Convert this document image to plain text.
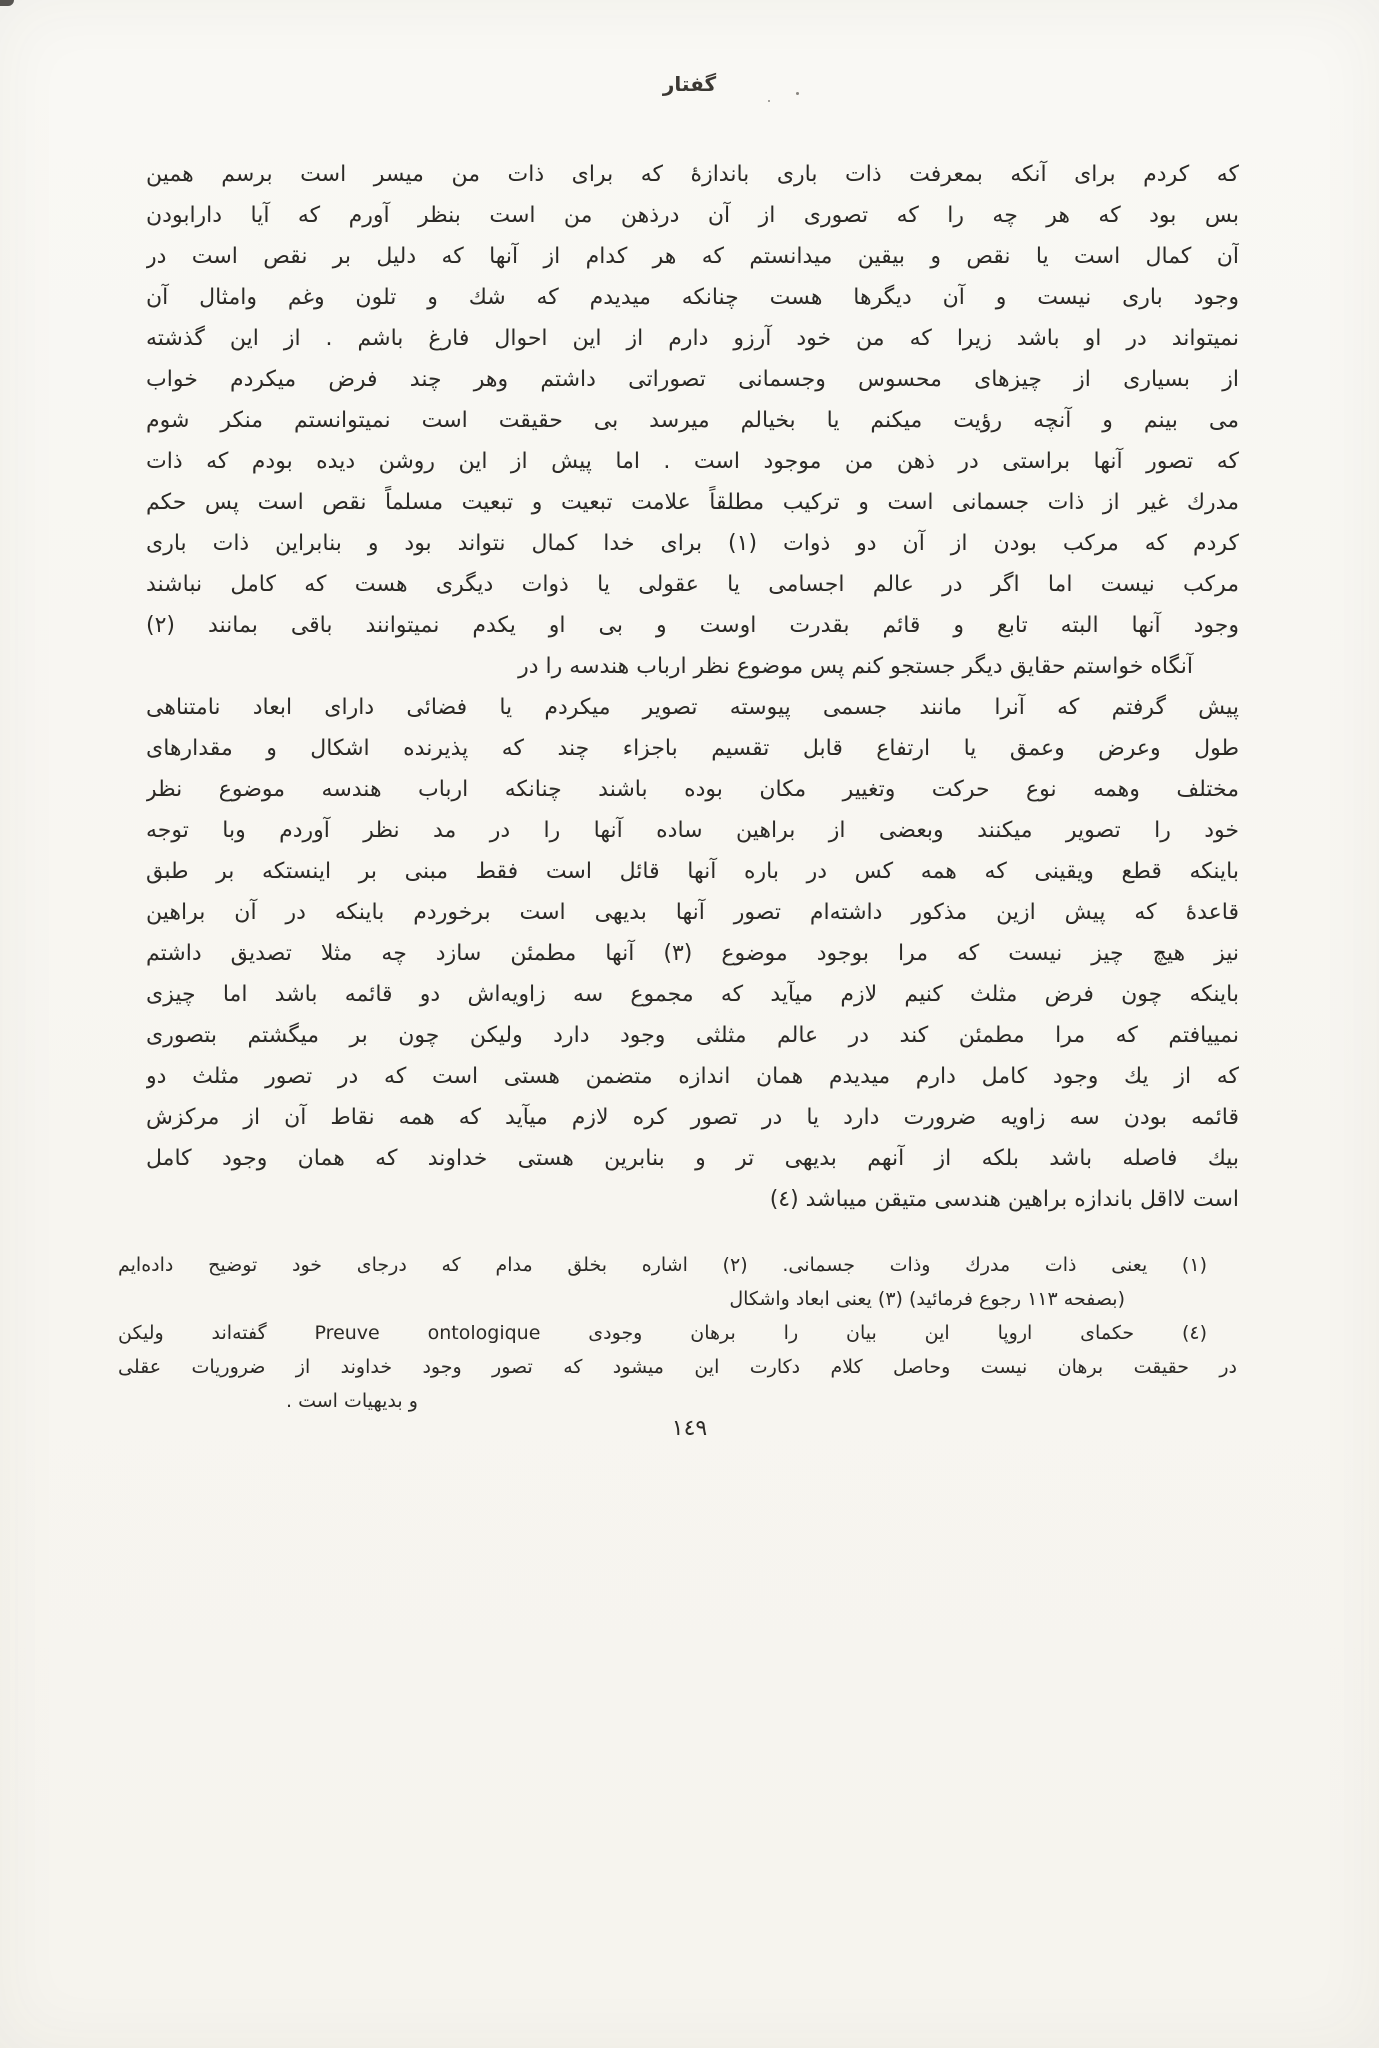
گفتار
که کردم برای آنکه بمعرفت ذات باری باندازهٔ که برای ذات من میسر است برسم همین
بس بود که هر چه را که تصوری از آن درذهن من است بنظر آورم که آیا دارابودن
آن کمال است یا نقص و بیقین میدانستم که هر کدام از آنها که دلیل بر نقص است در
وجود باری نیست و آن دیگرها هست چنانکه میدیدم که شك و تلون وغم وامثال آن
نمیتواند در او باشد زیرا که من خود آرزو دارم از این احوال فارغ باشم . از این گذشته
از بسیاری از چیزهای محسوس وجسمانی تصوراتی داشتم وهر چند فرض میکردم خواب
می بینم و آنچه رؤیت میکنم یا بخیالم میرسد بی حقیقت است نمیتوانستم منکر شوم
که تصور آنها براستی در ذهن من موجود است . اما پیش از این روشن دیده بودم که ذات
مدرك غیر از ذات جسمانی است و ترکیب مطلقاً علامت تبعیت و تبعیت مسلماً نقص است پس حکم
کردم که مرکب بودن از آن دو ذوات (۱) برای خدا کمال نتواند بود و بنابراین ذات باری
مرکب نیست اما اگر در عالم اجسامی یا عقولی یا ذوات دیگری هست که کامل نباشند
وجود آنها البته تابع و قائم بقدرت اوست و بی او یکدم نمیتوانند باقی بمانند (۲)
آنگاه خواستم حقایق دیگر جستجو کنم پس موضوع نظر ارباب هندسه را در
پیش گرفتم که آنرا مانند جسمی پیوسته تصویر میکردم یا فضائی دارای ابعاد نامتناهی
طول وعرض وعمق یا ارتفاع قابل تقسیم باجزاء چند که پذیرنده اشکال و مقدارهای
مختلف وهمه نوع حرکت وتغییر مکان بوده باشند چنانکه ارباب هندسه موضوع نظر
خود را تصویر میکنند وبعضی از براهین ساده آنها را در مد نظر آوردم وبا توجه
باینکه قطع ویقینی که همه کس در باره آنها قائل است فقط مبنی بر اینستکه بر طبق
قاعدهٔ که پیش ازین مذکور داشته‌ام تصور آنها بدیهی است برخوردم باینکه در آن براهین
نیز هیچ چیز نیست که مرا بوجود موضوع (۳) آنها مطمئن سازد چه مثلا تصدیق داشتم
باینکه چون فرض مثلث کنیم لازم میآید که مجموع سه زاویه‌اش دو قائمه باشد اما چیزی
نمییافتم که مرا مطمئن کند در عالم مثلثی وجود دارد ولیکن چون بر میگشتم بتصوری
که از یك وجود کامل دارم میدیدم همان اندازه متضمن هستی است که در تصور مثلث دو
قائمه بودن سه زاویه ضرورت دارد یا در تصور کره لازم میآید که همه نقاط آن از مرکزش
بیك فاصله باشد بلکه از آنهم بدیهی تر و بنابرین هستی خداوند که همان وجود کامل
است لااقل باندازه براهین هندسی متیقن میباشد (٤)
(۱) یعنی ذات مدرك وذات جسمانی. (۲) اشاره بخلق مدام که درجای خود توضیح داده‌ایم
(بصفحه ۱۱۳ رجوع فرمائید) (۳) یعنی ابعاد واشکال
(٤) حکمای اروپا این بیان را برهان وجودی Preuve ontologique گفته‌اند ولیکن
در حقیقت برهان نیست وحاصل کلام دکارت این میشود که تصور وجود خداوند از ضروریات عقلی
و بدیهیات است .
۱٤۹
